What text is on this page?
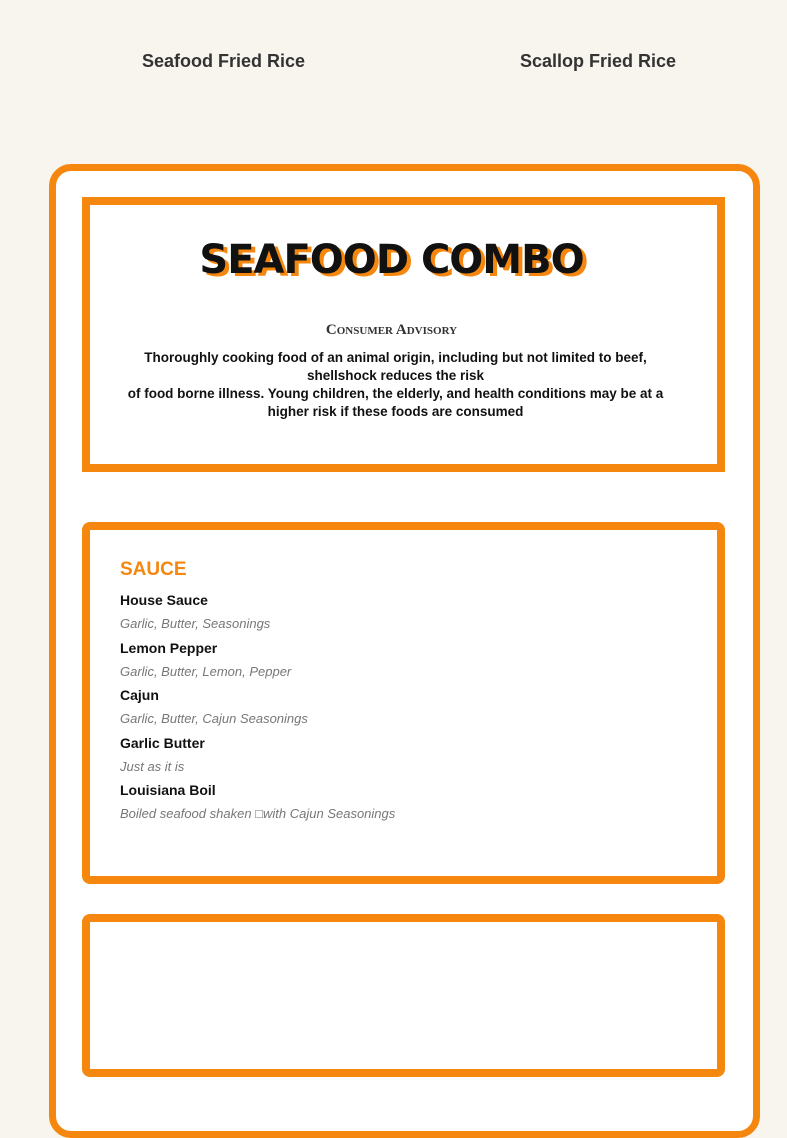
Seafood Fried Rice	Scallop Fried Rice
SEAFOOD COMBO
Consumer Advisory
Thoroughly cooking food of an animal origin, including but not limited to beef,
shellshock reduces the risk
of food borne illness. Young children, the elderly, and health conditions may be at a
higher risk if these foods are consumed
SAUCE
House Sauce
Garlic, Butter, Seasonings
Lemon Pepper
Garlic, Butter, Lemon, Pepper
Cajun
Garlic, Butter, Cajun Seasonings
Garlic Butter
Just as it is
Louisiana Boil
Boiled seafood shaken □with Cajun Seasonings
